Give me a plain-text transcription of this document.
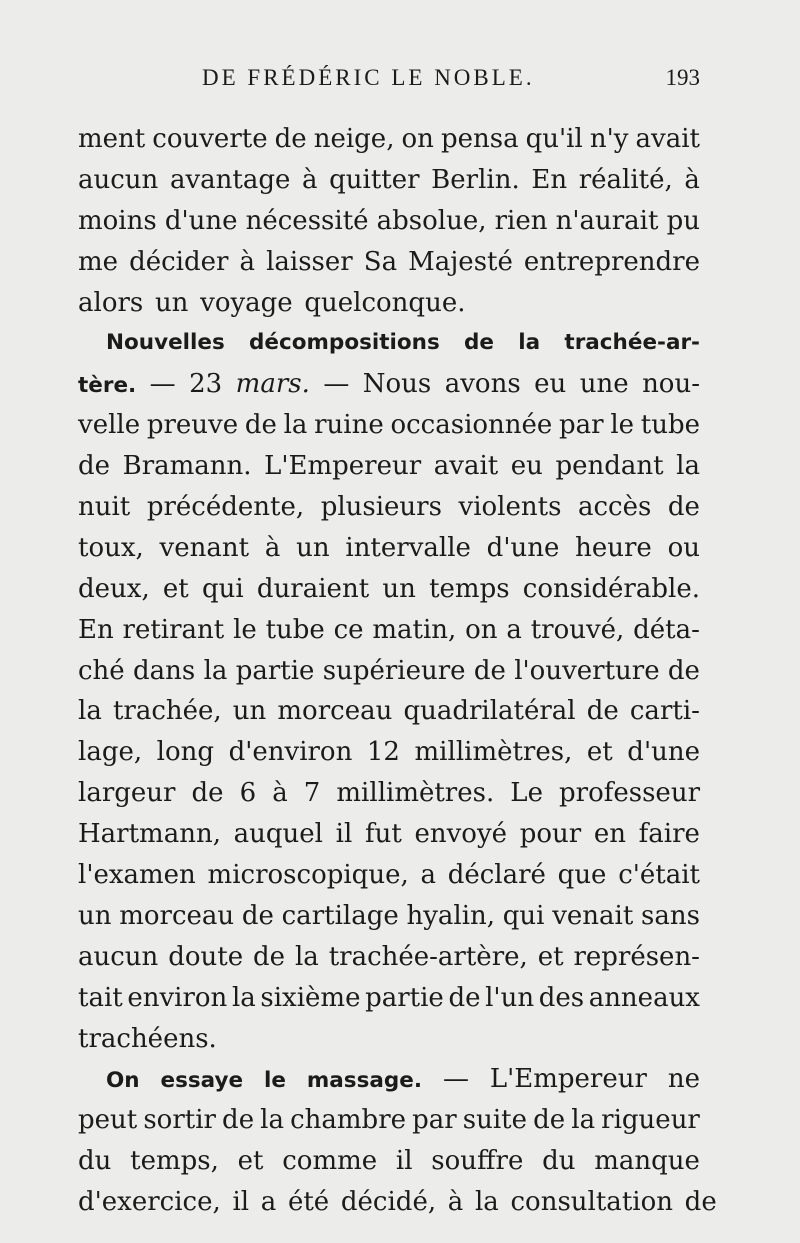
DE FRÉDÉRIC LE NOBLE.	193
ment couverte de neige, on pensa qu'il n'y avait
aucun avantage à quitter Berlin. En réalité, à
moins d'une nécessité absolue, rien n'aurait pu
me décider à laisser Sa Majesté entreprendre
alors un voyage quelconque.
Nouvelles décompositions de la trachée-ar-
tère. — 23 mars. — Nous avons eu une nou-
velle preuve de la ruine occasionnée par le tube
de Bramann. L'Empereur avait eu pendant la
nuit précédente, plusieurs violents accès de
toux, venant à un intervalle d'une heure ou
deux, et qui duraient un temps considérable.
En retirant le tube ce matin, on a trouvé, déta-
ché dans la partie supérieure de l'ouverture de
la trachée, un morceau quadrilatéral de carti-
lage, long d'environ 12 millimètres, et d'une
largeur de 6 à 7 millimètres. Le professeur
Hartmann, auquel il fut envoyé pour en faire
l'examen microscopique, a déclaré que c'était
un morceau de cartilage hyalin, qui venait sans
aucun doute de la trachée-artère, et représen-
tait environ la sixième partie de l'un des anneaux
trachéens.
On essaye le massage. — L'Empereur ne
peut sortir de la chambre par suite de la rigueur
du temps, et comme il souffre du manque
d'exercice, il a été décidé, à la consultation de
